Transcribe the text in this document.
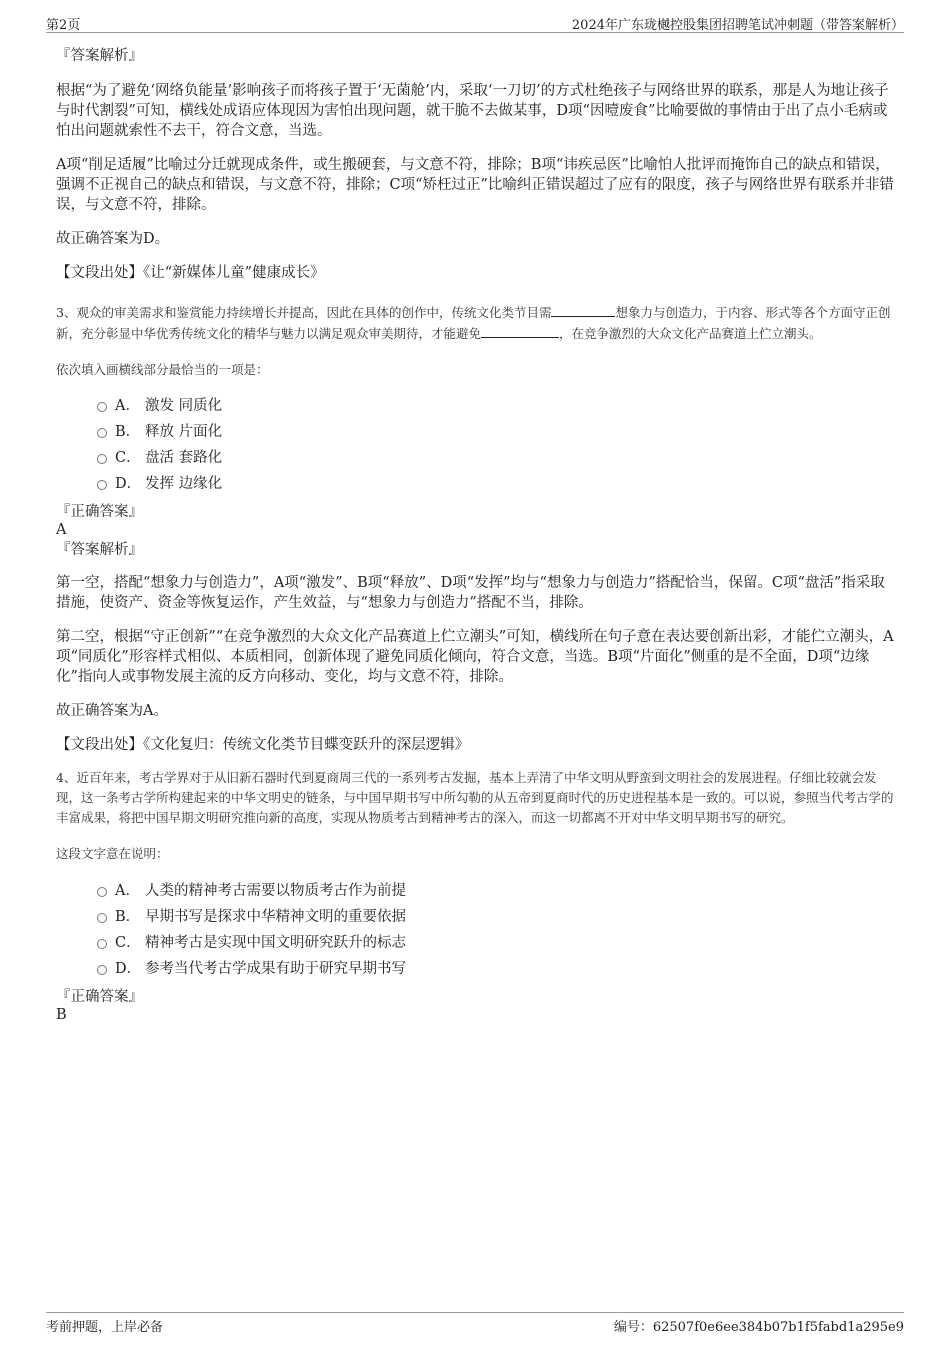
第2页	2024年广东珑樾控股集团招聘笔试冲刺题（带答案解析）

『答案解析』

根据“为了避免‘网络负能量’影响孩子而将孩子置于‘无菌舱’内，采取‘一刀切’的方式杜绝孩子与网络世界的联系，那是人为地让孩子与时代割裂”可知，横线处成语应体现因为害怕出现问题，就干脆不去做某事，D项“因噎废食”比喻要做的事情由于出了点小毛病或怕出问题就索性不去干，符合文意，当选。

A项“削足适履”比喻过分迁就现成条件，或生搬硬套，与文意不符，排除；B项“讳疾忌医”比喻怕人批评而掩饰自己的缺点和错误，强调不正视自己的缺点和错误，与文意不符，排除；C项“矫枉过正”比喻纠正错误超过了应有的限度，孩子与网络世界有联系并非错误，与文意不符，排除。

故正确答案为D。

【文段出处】《让“新媒体儿童”健康成长》

3、观众的审美需求和鉴赏能力持续增长并提高，因此在具体的创作中，传统文化类节目需	想象力与创造力，于内容、形式等各个方面守正创新，充分彰显中华优秀传统文化的精华与魅力以满足观众审美期待，才能避免	，在竞争激烈的大众文化产品赛道上伫立潮头。

依次填入画横线部分最恰当的一项是：

A． 激发 同质化
B． 释放 片面化
C． 盘活 套路化
D． 发挥 边缘化

『正确答案』

A

『答案解析』

第一空，搭配“想象力与创造力”，A项“激发”、B项“释放”、D项“发挥”均与“想象力与创造力”搭配恰当，保留。C项“盘活”指采取措施，使资产、资金等恢复运作，产生效益，与“想象力与创造力”搭配不当，排除。

第二空，根据“守正创新”“在竞争激烈的大众文化产品赛道上伫立潮头”可知，横线所在句子意在表达要创新出彩，才能伫立潮头，A项“同质化”形容样式相似、本质相同，创新体现了避免同质化倾向，符合文意，当选。B项“片面化”侧重的是不全面，D项“边缘化”指向人或事物发展主流的反方向移动、变化，均与文意不符，排除。

故正确答案为A。

【文段出处】《文化复归：传统文化类节目蝶变跃升的深层逻辑》

4、近百年来，考古学界对于从旧新石器时代到夏商周三代的一系列考古发掘，基本上弄清了中华文明从野蛮到文明社会的发展进程。仔细比较就会发现，这一条考古学所构建起来的中华文明史的链条，与中国早期书写中所勾勒的从五帝到夏商时代的历史进程基本是一致的。可以说，参照当代考古学的丰富成果，将把中国早期文明研究推向新的高度，实现从物质考古到精神考古的深入，而这一切都离不开对中华文明早期书写的研究。

这段文字意在说明：

A． 人类的精神考古需要以物质考古作为前提
B． 早期书写是探求中华精神文明的重要依据
C． 精神考古是实现中国文明研究跃升的标志
D． 参考当代考古学成果有助于研究早期书写

『正确答案』

B

考前押题，上岸必备	编号：62507f0e6ee384b07b1f5fabd1a295e9
